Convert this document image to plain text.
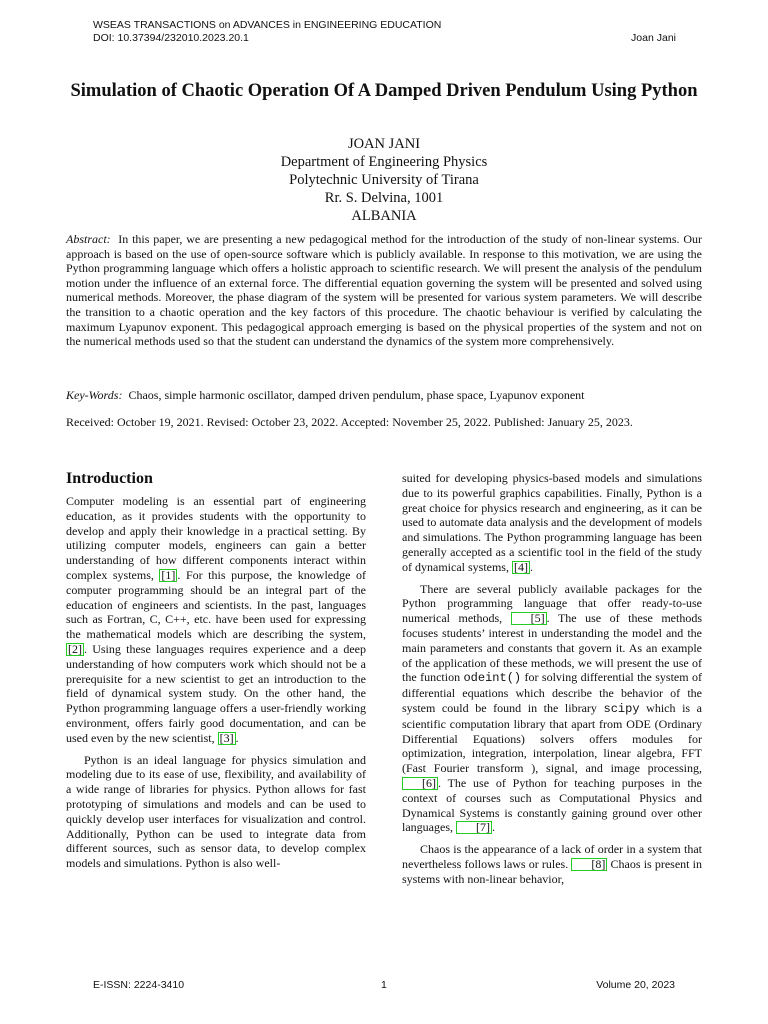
WSEAS TRANSACTIONS on ADVANCES in ENGINEERING EDUCATION
DOI: 10.37394/232010.2023.20.1	Joan Jani
Simulation of Chaotic Operation Of A Damped Driven Pendulum Using Python
JOAN JANI
Department of Engineering Physics
Polytechnic University of Tirana
Rr. S. Delvina, 1001
ALBANIA
Abstract: In this paper, we are presenting a new pedagogical method for the introduction of the study of non-linear systems. Our approach is based on the use of open-source software which is publicly available. In response to this motivation, we are using the Python programming language which offers a holistic approach to scientific research. We will present the analysis of the pendulum motion under the influence of an external force. The differential equation governing the system will be presented and solved using numerical methods. Moreover, the phase diagram of the system will be presented for various system parameters. We will describe the transition to a chaotic operation and the key factors of this procedure. The chaotic behaviour is verified by calculating the maximum Lyapunov exponent. This pedagogical approach emerging is based on the physical properties of the system and not on the numerical methods used so that the student can understand the dynamics of the system more comprehensively.
Key-Words: Chaos, simple harmonic oscillator, damped driven pendulum, phase space, Lyapunov exponent
Received: October 19, 2021. Revised: October 23, 2022. Accepted: November 25, 2022. Published: January 25, 2023.
Introduction

Computer modeling is an essential part of engineering education, as it provides students with the opportunity to develop and apply their knowledge in a practical setting. By utilizing computer models, engineers can gain a better understanding of how different components interact within complex systems, [1] . For this purpose, the knowledge of computer programming should be an integral part of the education of engineers and scientists. In the past, languages such as Fortran, C, C++, etc. have been used for expressing the mathematical models which are describing the system, [2] . Using these languages requires experience and a deep understanding of how computers work which should not be a prerequisite for a new scientist to get an introduction to the field of dynamical system study. On the other hand, the Python programming language offers a user-friendly working environment, offers fairly good documentation, and can be used even by the new scientist, [3] .

Python is an ideal language for physics simulation and modeling due to its ease of use, flexibility, and availability of a wide range of libraries for physics. Python allows for fast prototyping of simulations and models and can be used to quickly develop user interfaces for visualization and control. Additionally, Python can be used to integrate data from different sources, such as sensor data, to develop complex models and simulations. Python is also well-

suited for developing physics-based models and simulations due to its powerful graphics capabilities. Finally, Python is a great choice for physics research and engineering, as it can be used to automate data analysis and the development of models and simulations. The Python programming language has been generally accepted as a scientific tool in the field of the study of dynamical systems, [4] .

There are several publicly available packages for the Python programming language that offer ready-to-use numerical methods, [5] . The use of these methods focuses students’ interest in understanding the model and the main parameters and constants that govern it. As an example of the application of these methods, we will present the use of the function odeint() for solving differential the system of differential equations which describe the behavior of the system could be found in the library scipy which is a scientific computation library that apart from ODE (Ordinary Differential Equations) solvers offers modules for optimization, integration, interpolation, linear algebra, FFT (Fast Fourier transform ), signal, and image processing, [6] . The use of Python for teaching purposes in the context of courses such as Computational Physics and Dynamical Systems is constantly gaining ground over other languages, [7] .

Chaos is the appearance of a lack of order in a system that nevertheless follows laws or rules. [8] Chaos is present in systems with non-linear behavior,

E-ISSN: 2224-3410	1	Volume 20, 2023
